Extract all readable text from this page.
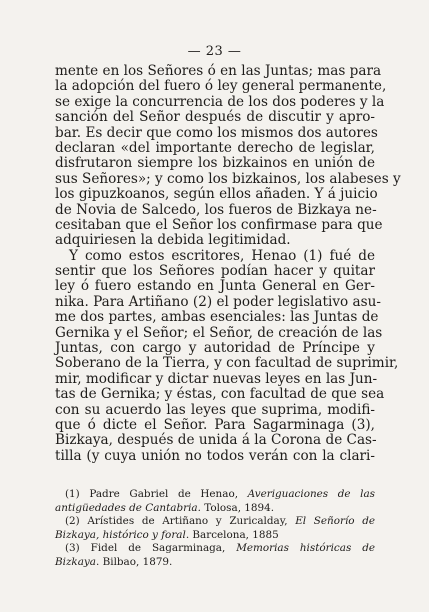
— 23 —
mente en los Señores ó en las Juntas; mas para
la adopción del fuero ó ley general permanente,
se exige la concurrencia de los dos poderes y la
sanción del Señor después de discutir y apro-
bar. Es decir que como los mismos dos autores
declaran «del importante derecho de legislar,
disfrutaron siempre los bizkainos en unión de
sus Señores»; y como los bizkainos, los alabeses y
los gipuzkoanos, según ellos añaden. Y á juicio
de Novia de Salcedo, los fueros de Bizkaya ne-
cesitaban que el Señor los confirmase para que
adquiriesen la debida legitimidad.
Y como estos escritores, Henao (1) fué de
sentir que los Señores podían hacer y quitar
ley ó fuero estando en Junta General en Ger-
nika. Para Artiñano (2) el poder legislativo asu-
me dos partes, ambas esenciales: las Juntas de
Gernika y el Señor; el Señor, de creación de las
Juntas, con cargo y autoridad de Príncipe y
Soberano de la Tierra, y con facultad de suprimir,
mir, modificar y dictar nuevas leyes en las Jun-
tas de Gernika; y éstas, con facultad de que sea
con su acuerdo las leyes que suprima, modifi-
que ó dicte el Señor. Para Sagarminaga (3),
Bizkaya, después de unida á la Corona de Cas-
tilla (y cuya unión no todos verán con la clari-
(1) Padre Gabriel de Henao, Averiguaciones de las
antigüedades de Cantabria. Tolosa, 1894.
(2) Arístides de Artiñano y Zuricalday, El Señorío de
Bizkaya, histórico y foral. Barcelona, 1885
(3) Fidel de Sagarminaga, Memorias históricas de
Bizkaya. Bilbao, 1879.
